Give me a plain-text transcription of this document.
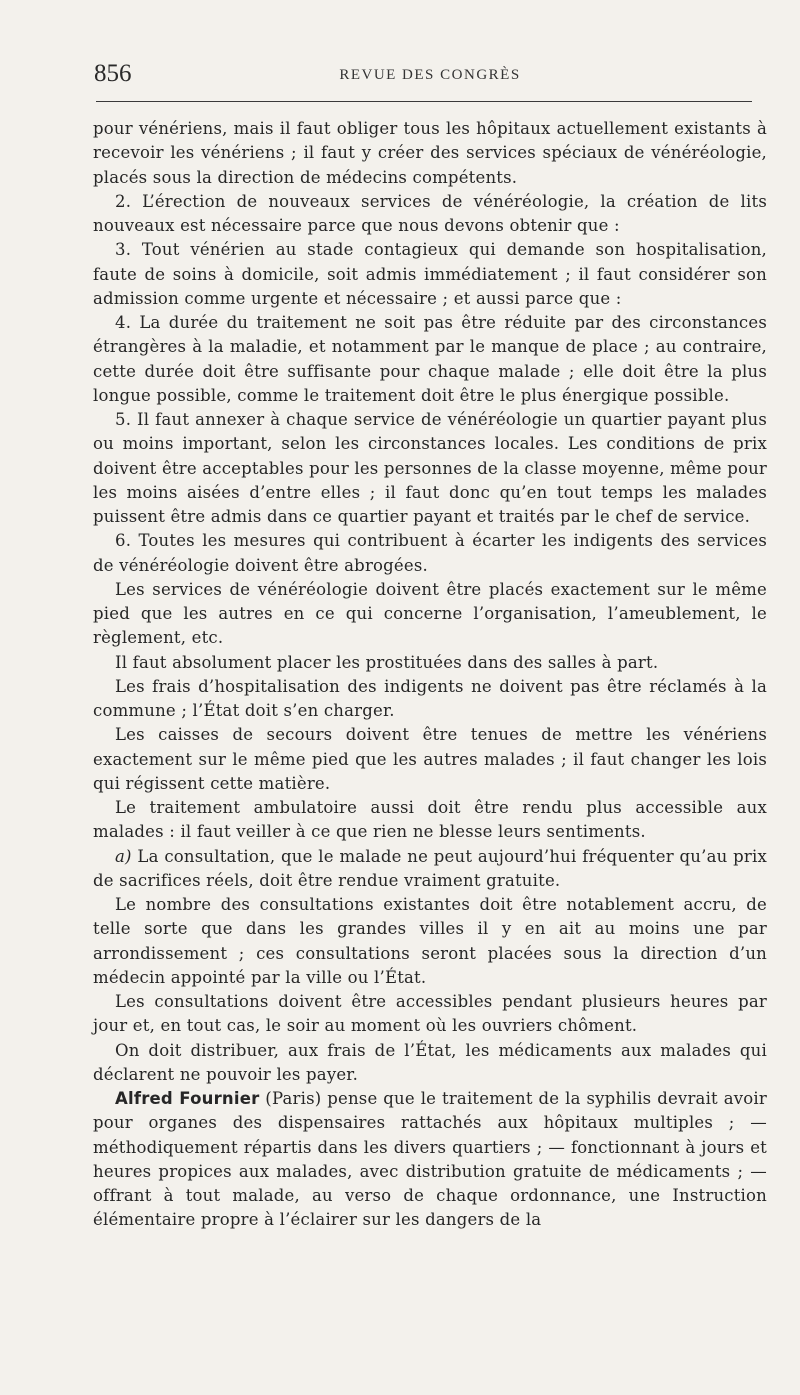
856	REVUE DES CONGRÈS

pour vénériens, mais il faut obliger tous les hôpitaux actuellement existants à recevoir les vénériens ; il faut y créer des services spéciaux de vénéréologie, placés sous la direction de médecins compétents.

2. L’érection de nouveaux services de vénéréologie, la création de lits nouveaux est nécessaire parce que nous devons obtenir que :

3. Tout vénérien au stade contagieux qui demande son hospitalisation, faute de soins à domicile, soit admis immédiatement ; il faut considérer son admission comme urgente et nécessaire ; et aussi parce que :

4. La durée du traitement ne soit pas être réduite par des circonstances étrangères à la maladie, et notamment par le manque de place ; au contraire, cette durée doit être suffisante pour chaque malade ; elle doit être la plus longue possible, comme le traitement doit être le plus énergique possible.

5. Il faut annexer à chaque service de vénéréologie un quartier payant plus ou moins important, selon les circonstances locales. Les conditions de prix doivent être acceptables pour les personnes de la classe moyenne, même pour les moins aisées d’entre elles ; il faut donc qu’en tout temps les malades puissent être admis dans ce quartier payant et traités par le chef de service.

6. Toutes les mesures qui contribuent à écarter les indigents des services de vénéréologie doivent être abrogées.

Les services de vénéréologie doivent être placés exactement sur le même pied que les autres en ce qui concerne l’organisation, l’ameublement, le règlement, etc.

Il faut absolument placer les prostituées dans des salles à part.

Les frais d’hospitalisation des indigents ne doivent pas être réclamés à la commune ; l’État doit s’en charger.

Les caisses de secours doivent être tenues de mettre les vénériens exactement sur le même pied que les autres malades ; il faut changer les lois qui régissent cette matière.

Le traitement ambulatoire aussi doit être rendu plus accessible aux malades : il faut veiller à ce que rien ne blesse leurs sentiments.

a) La consultation, que le malade ne peut aujourd’hui fréquenter qu’au prix de sacrifices réels, doit être rendue vraiment gratuite.

Le nombre des consultations existantes doit être notablement accru, de telle sorte que dans les grandes villes il y en ait au moins une par arrondissement ; ces consultations seront placées sous la direction d’un médecin appointé par la ville ou l’État.

Les consultations doivent être accessibles pendant plusieurs heures par jour et, en tout cas, le soir au moment où les ouvriers chôment.

On doit distribuer, aux frais de l’État, les médicaments aux malades qui déclarent ne pouvoir les payer.

Alfred Fournier (Paris) pense que le traitement de la syphilis devrait avoir pour organes des dispensaires rattachés aux hôpitaux multiples ; — méthodiquement répartis dans les divers quartiers ; — fonctionnant à jours et heures propices aux malades, avec distribution gratuite de médicaments ; — offrant à tout malade, au verso de chaque ordonnance, une Instruction élémentaire propre à l’éclairer sur les dangers de la
